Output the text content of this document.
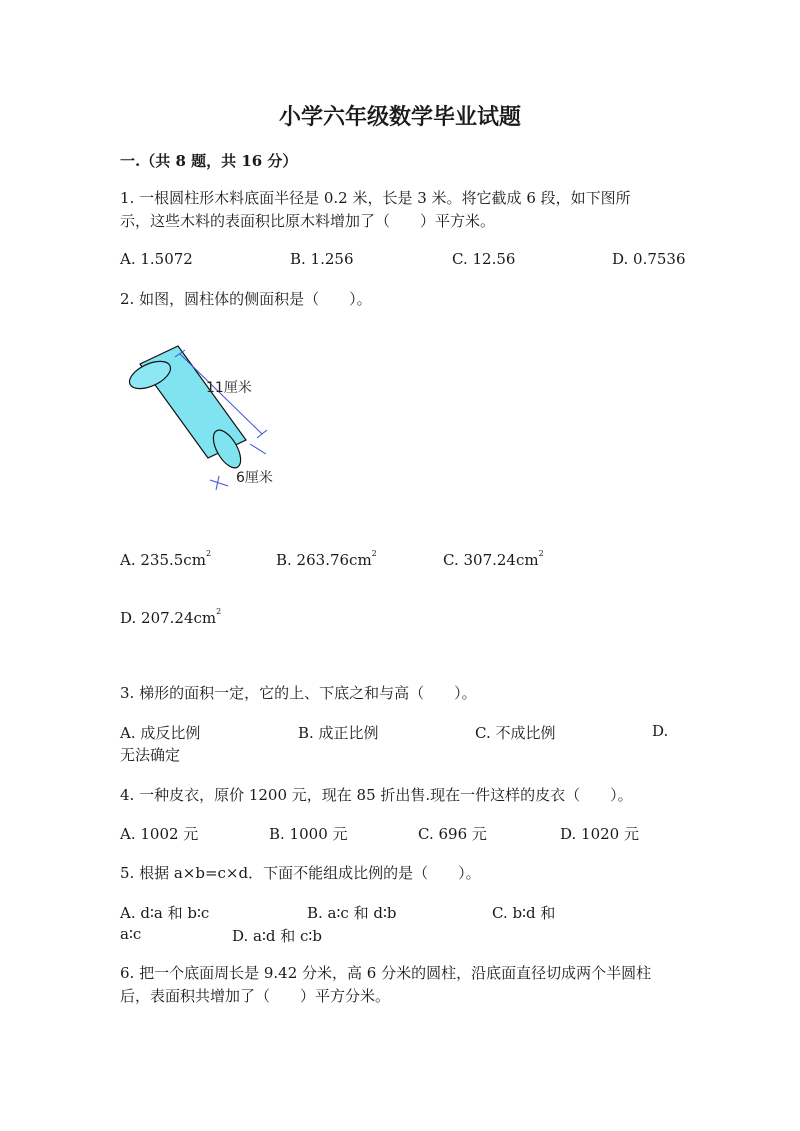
小学六年级数学毕业试题
一.（共 8 题，共 16 分）
1. 一根圆柱形木料底面半径是 0.2 米，长是 3 米。将它截成 6 段，如下图所
示，这些木料的表面积比原木料增加了（　　）平方米。
A. 1.5072	B. 1.256	C. 12.56	D. 0.7536
2. 如图，圆柱体的侧面积是（　　）。
11厘米
6厘米
A. $235.5cm^2$	B. $263.76cm^2$	C. $307.24cm^2$
D. $207.24cm^2$
3. 梯形的面积一定，它的上、下底之和与高（　　）。
A. 成反比例	B. 成正比例	C. 不成比例	D.
无法确定
4. 一种皮衣，原价 1200 元，现在 85 折出售.现在一件这样的皮衣（　　）。
A. 1002 元	B. 1000 元	C. 696 元	D. 1020 元
5. 根据 a×b=c×d．下面不能组成比例的是（　　）。
A. d∶a 和 b∶c	B. a∶c 和 d∶b	C. b∶d 和
a∶c	D. a∶d 和 c∶b
6. 把一个底面周长是 9.42 分米，高 6 分米的圆柱，沿底面直径切成两个半圆柱
后，表面积共增加了（　　）平方分米。
